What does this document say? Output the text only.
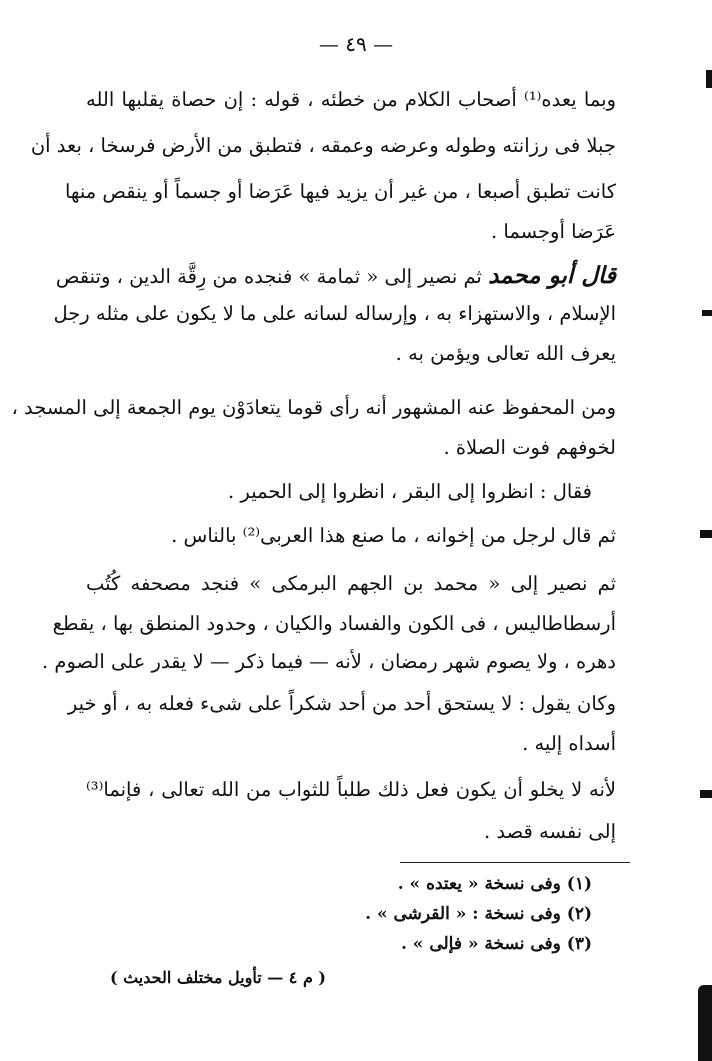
— ٤٩ —
وبما يعده⁽¹⁾ أصحاب الكلام من خطئه ، قوله : إن حصاة يقلبها الله
جبلا فى رزانته وطوله وعرضه وعمقه ، فتطبق من الأرض فرسخا ، بعد أن
كانت تطبق أصبعا ، من غير أن يزيد فيها عَرَضا أو جسماً أو ينقص منها
عَرَضا أوجسما .
قال أبو محمد ثم نصير إلى « ثمامة » فنجده من رِقَّة الدين ، وتنقص
الإسلام ، والاستهزاء به ، وإرساله لسانه على ما لا يكون على مثله رجل
يعرف الله تعالى ويؤمن به .
ومن المحفوظ عنه المشهور أنه رأى قوما يتعادَوْن يوم الجمعة إلى المسجد ،
لخوفهم فوت الصلاة .
فقال : انظروا إلى البقر ، انظروا إلى الحمير .
ثم قال لرجل من إخوانه ، ما صنع هذا العربى⁽²⁾ بالناس .
ثم نصير إلى « محمد بن الجهم البرمكى » فنجد مصحفه كُتُب
أرسطاطاليس ، فى الكون والفساد والكيان ، وحدود المنطق بها ، يقطع
دهره ، ولا يصوم شهر رمضان ، لأنه — فيما ذكر — لا يقدر على الصوم .
وكان يقول : لا يستحق أحد من أحد شكراً على شىء فعله به ، أو خير
أسداه إليه .
لأنه لا يخلو أن يكون فعل ذلك طلباً للثواب من الله تعالى ، فإنما⁽³⁾
إلى نفسه قصد .
(١) وفى نسخة « يعتده » .
(٢) وفى نسخة : « القرشى » .
(٣) وفى نسخة « فإلى » .
( م ٤ — تأويل مختلف الحديث )
